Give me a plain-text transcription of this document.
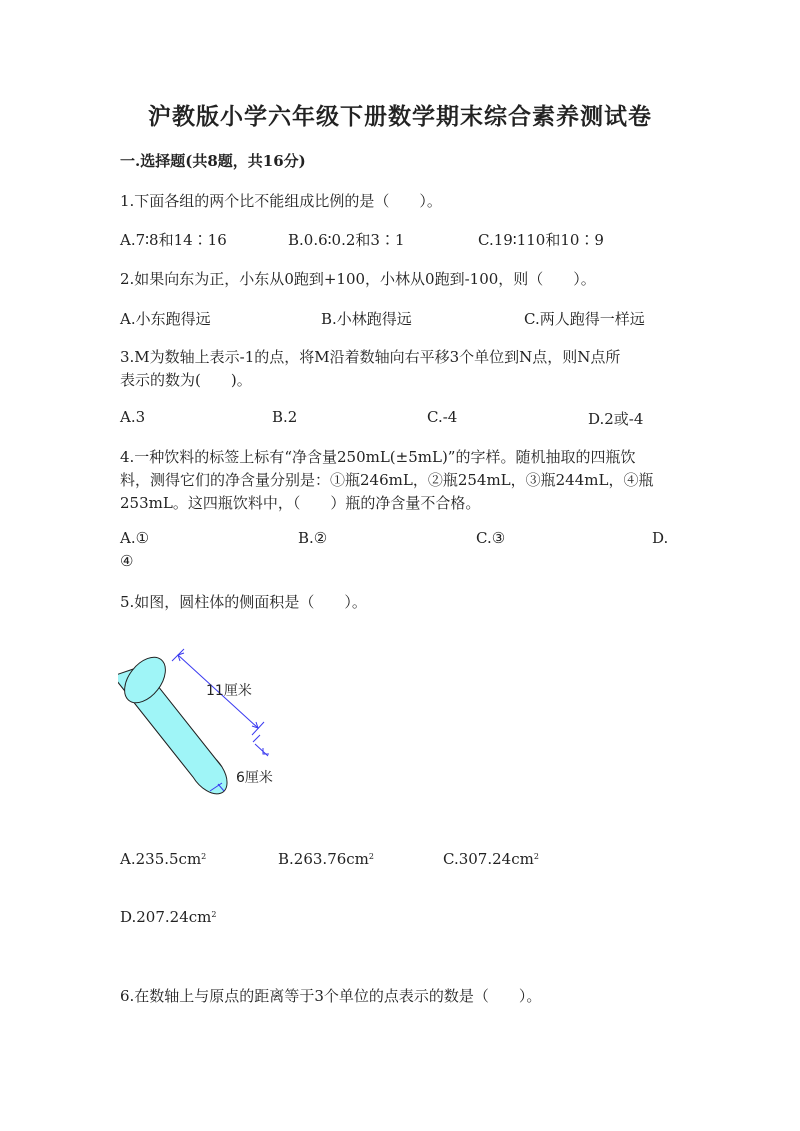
沪教版小学六年级下册数学期末综合素养测试卷
一.选择题(共8题，共16分)
1.下面各组的两个比不能组成比例的是（　　）。
A.7∶8和14∶16	B.0.6∶0.2和3∶1	C.19∶110和10∶9
2.如果向东为正，小东从0跑到+100，小林从0跑到-100，则（　　）。
A.小东跑得远	B.小林跑得远	C.两人跑得一样远
3.M为数轴上表示-1的点，将M沿着数轴向右平移3个单位到N点，则N点所
表示的数为(　　)。
A.3	B.2	C.-4	D.2或-4
4.一种饮料的标签上标有“净含量250mL(±5mL)”的字样。随机抽取的四瓶饮
料，测得它们的净含量分别是：①瓶246mL，②瓶254mL，③瓶244mL，④瓶
253mL。这四瓶饮料中，（　　）瓶的净含量不合格。
A.①	B.②	C.③	D.
④
5.如图，圆柱体的侧面积是（　　）。
11厘米
6厘米
$A.235.5cm^2$	$B.263.76cm^2$	$C.307.24cm^2$
$D.207.24cm^2$
6.在数轴上与原点的距离等于3个单位的点表示的数是（　　）。
